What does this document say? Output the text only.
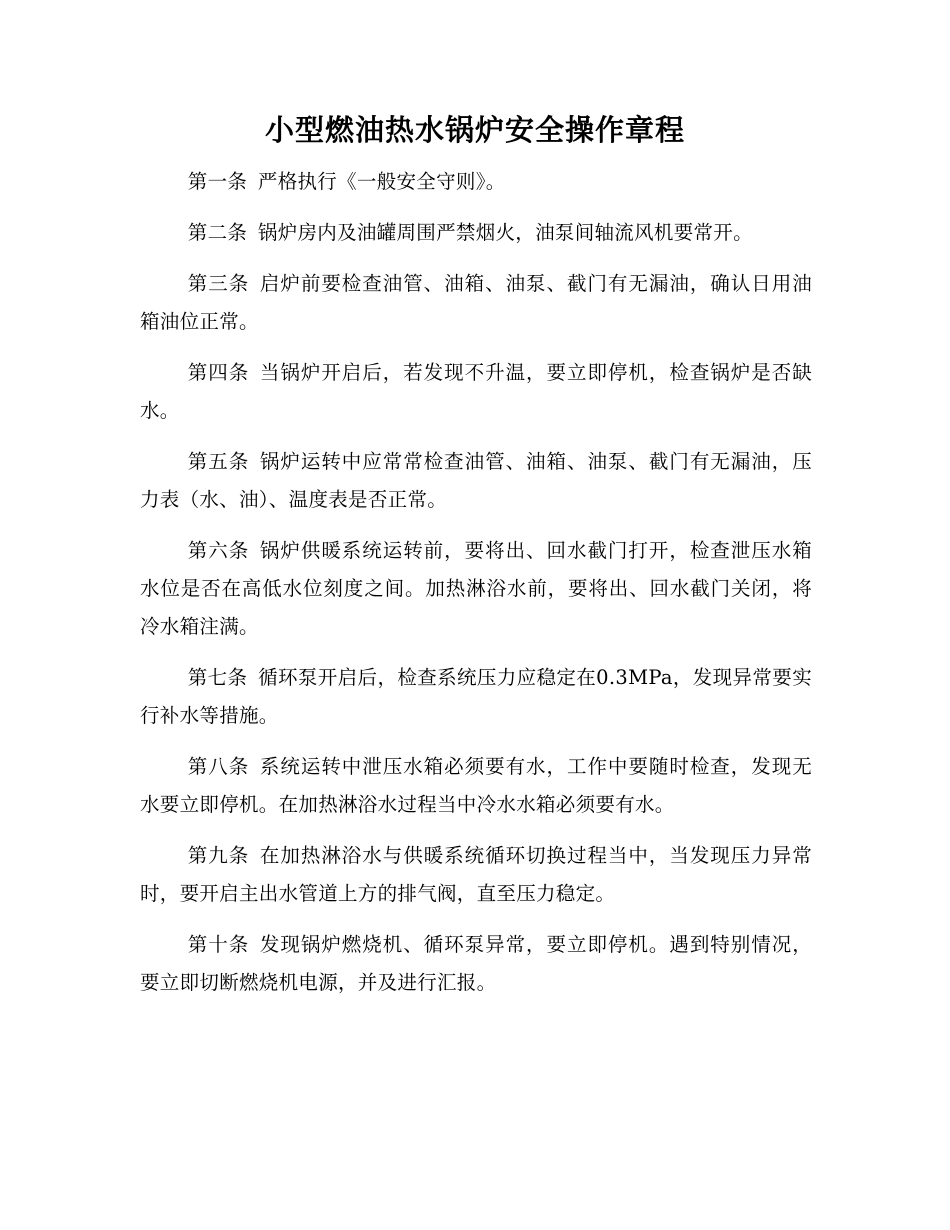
小型燃油热水锅炉安全操作章程

第一条 严格执行《一般安全守则》。

第二条 锅炉房内及油罐周围严禁烟火，油泵间轴流风机要常开。

第三条 启炉前要检查油管、油箱、油泵、截门有无漏油，确认日用油箱油位正常。

第四条 当锅炉开启后，若发现不升温，要立即停机，检查锅炉是否缺水。

第五条 锅炉运转中应常常检查油管、油箱、油泵、截门有无漏油，压力表（水、油）、温度表是否正常。

第六条 锅炉供暖系统运转前，要将出、回水截门打开，检查泄压水箱水位是否在高低水位刻度之间。加热淋浴水前，要将出、回水截门关闭，将冷水箱注满。

第七条 循环泵开启后，检查系统压力应稳定在0.3MPa，发现异常要实行补水等措施。

第八条 系统运转中泄压水箱必须要有水，工作中要随时检查，发现无水要立即停机。在加热淋浴水过程当中冷水水箱必须要有水。

第九条 在加热淋浴水与供暖系统循环切换过程当中，当发现压力异常时，要开启主出水管道上方的排气阀，直至压力稳定。

第十条 发现锅炉燃烧机、循环泵异常，要立即停机。遇到特别情况，要立即切断燃烧机电源，并及进行汇报。
